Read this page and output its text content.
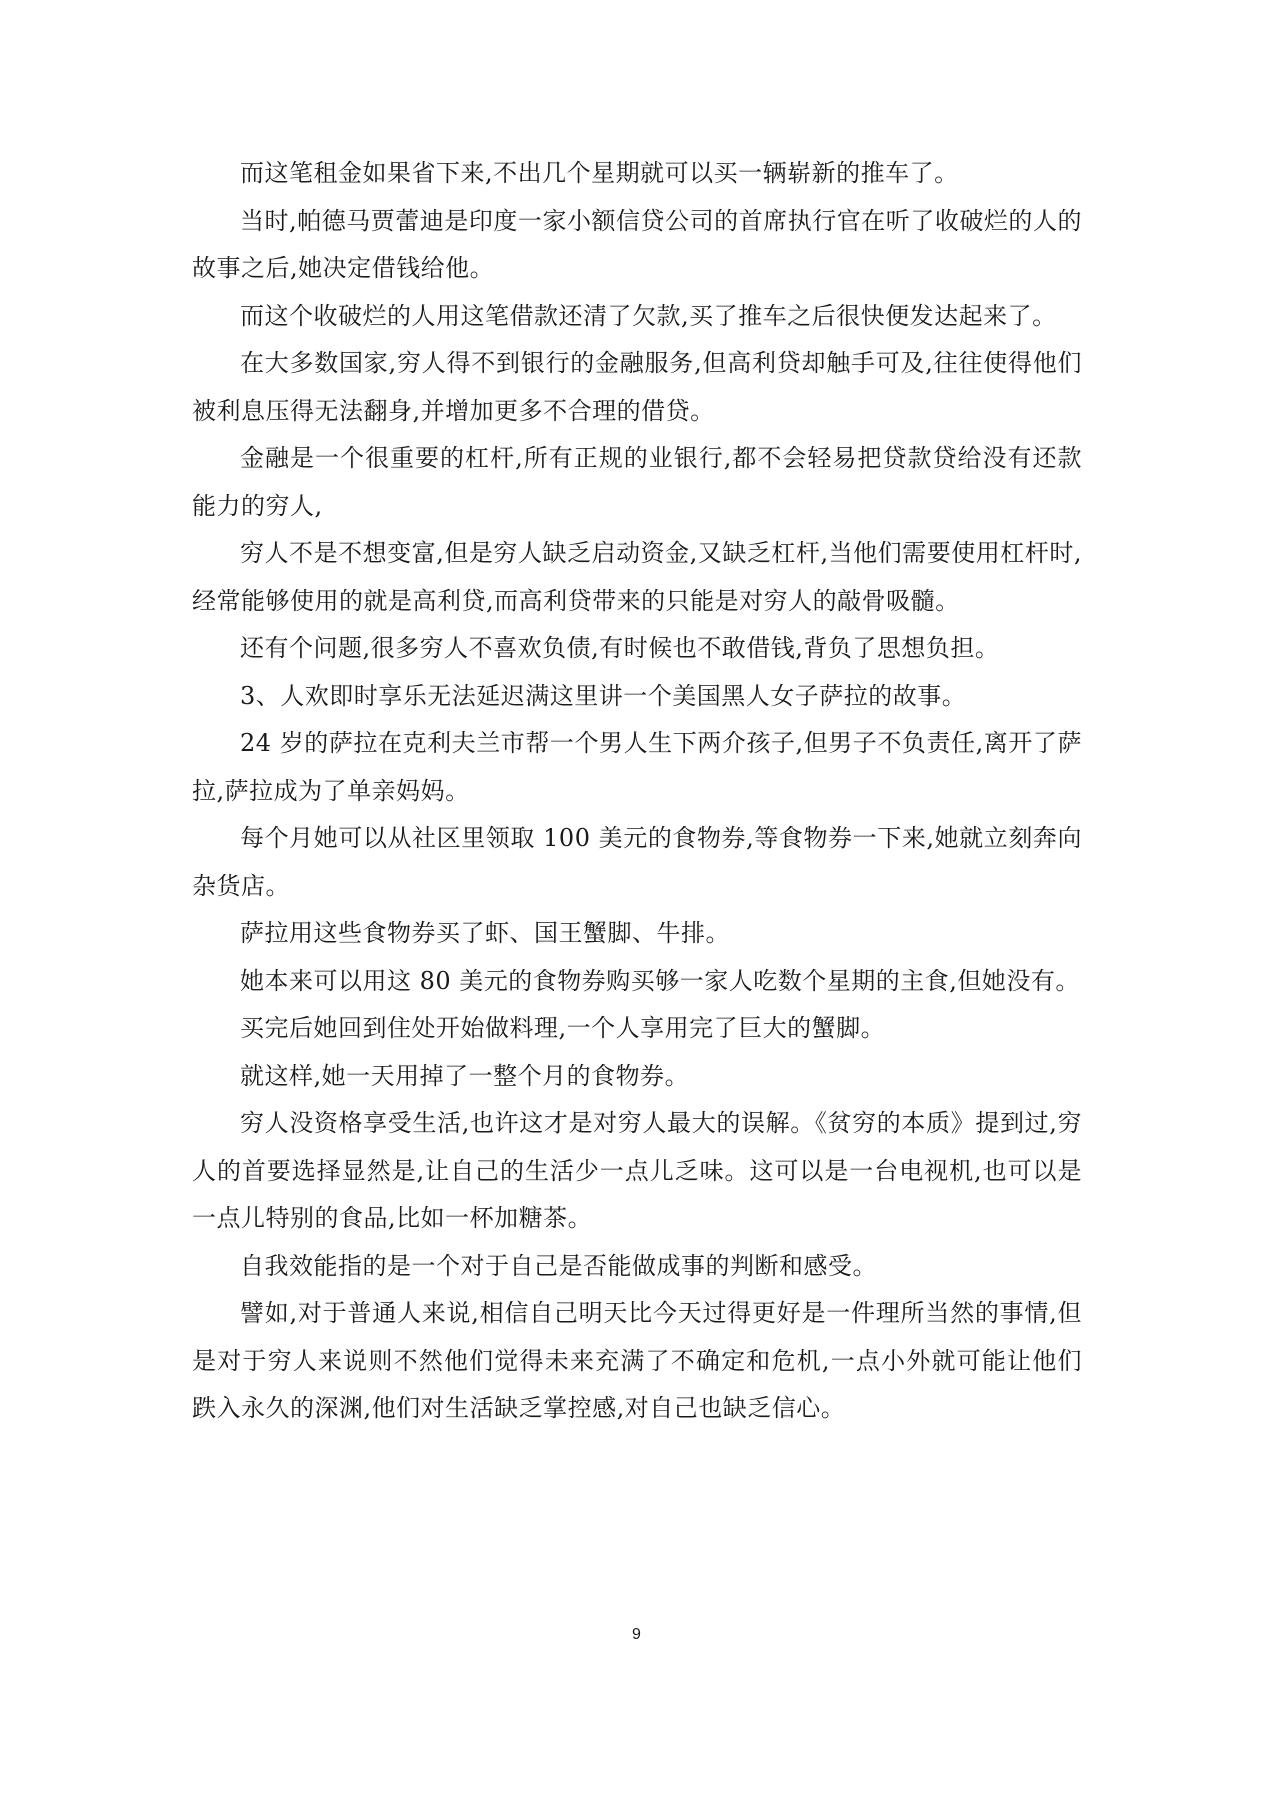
而这笔租金如果省下来,不出几个星期就可以买一辆崭新的推车了。

当时,帕德马贾蕾迪是印度一家小额信贷公司的首席执行官在听了收破烂的人的故事之后,她决定借钱给他。

而这个收破烂的人用这笔借款还清了欠款,买了推车之后很快便发达起来了。

在大多数国家,穷人得不到银行的金融服务,但高利贷却触手可及,往往使得他们被利息压得无法翻身,并增加更多不合理的借贷。

金融是一个很重要的杠杆,所有正规的业银行,都不会轻易把贷款贷给没有还款能力的穷人,

穷人不是不想变富,但是穷人缺乏启动资金,又缺乏杠杆,当他们需要使用杠杆时,经常能够使用的就是高利贷,而高利贷带来的只能是对穷人的敲骨吸髓。

还有个问题,很多穷人不喜欢负债,有时候也不敢借钱,背负了思想负担。

3、人欢即时享乐无法延迟满这里讲一个美国黑人女子萨拉的故事。

24 岁的萨拉在克利夫兰市帮一个男人生下两介孩子,但男子不负责任,离开了萨拉,萨拉成为了单亲妈妈。

每个月她可以从社区里领取 100 美元的食物券,等食物券一下来,她就立刻奔向杂货店。

萨拉用这些食物券买了虾、国王蟹脚、牛排。

她本来可以用这 80 美元的食物券购买够一家人吃数个星期的主食,但她没有。

买完后她回到住处开始做料理,一个人享用完了巨大的蟹脚。

就这样,她一天用掉了一整个月的食物券。

穷人没资格享受生活,也许这才是对穷人最大的误解。《贫穷的本质》提到过,穷人的首要选择显然是,让自己的生活少一点儿乏味。这可以是一台电视机,也可以是一点儿特别的食品,比如一杯加糖茶。

自我效能指的是一个对于自己是否能做成事的判断和感受。

譬如,对于普通人来说,相信自己明天比今天过得更好是一件理所当然的事情,但是对于穷人来说则不然他们觉得未来充满了不确定和危机,一点小外就可能让他们跌入永久的深渊,他们对生活缺乏掌控感,对自己也缺乏信心。

9
